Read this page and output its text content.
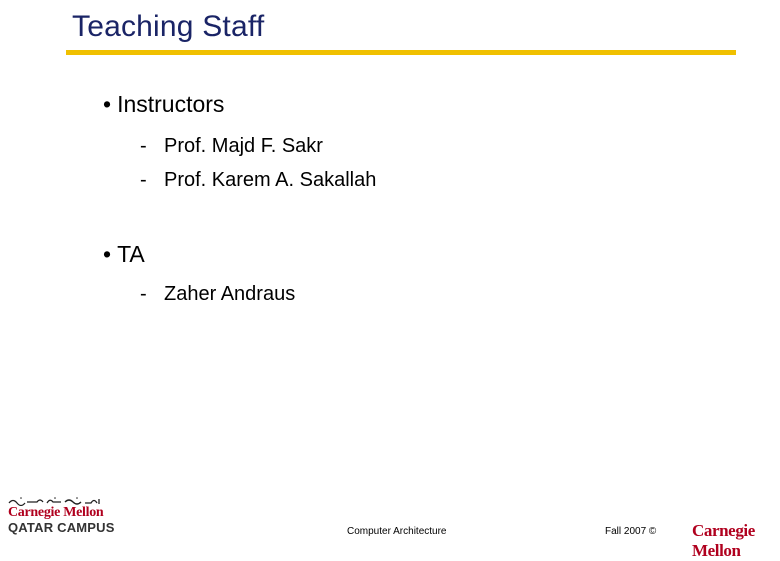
Teaching Staff
• Instructors
- Prof. Majd F. Sakr
- Prof. Karem A. Sakallah
• TA
- Zaher Andraus
Carnegie Mellon
QATAR CAMPUS	Computer Architecture	Fall 2007 © Carnegie Mellon
